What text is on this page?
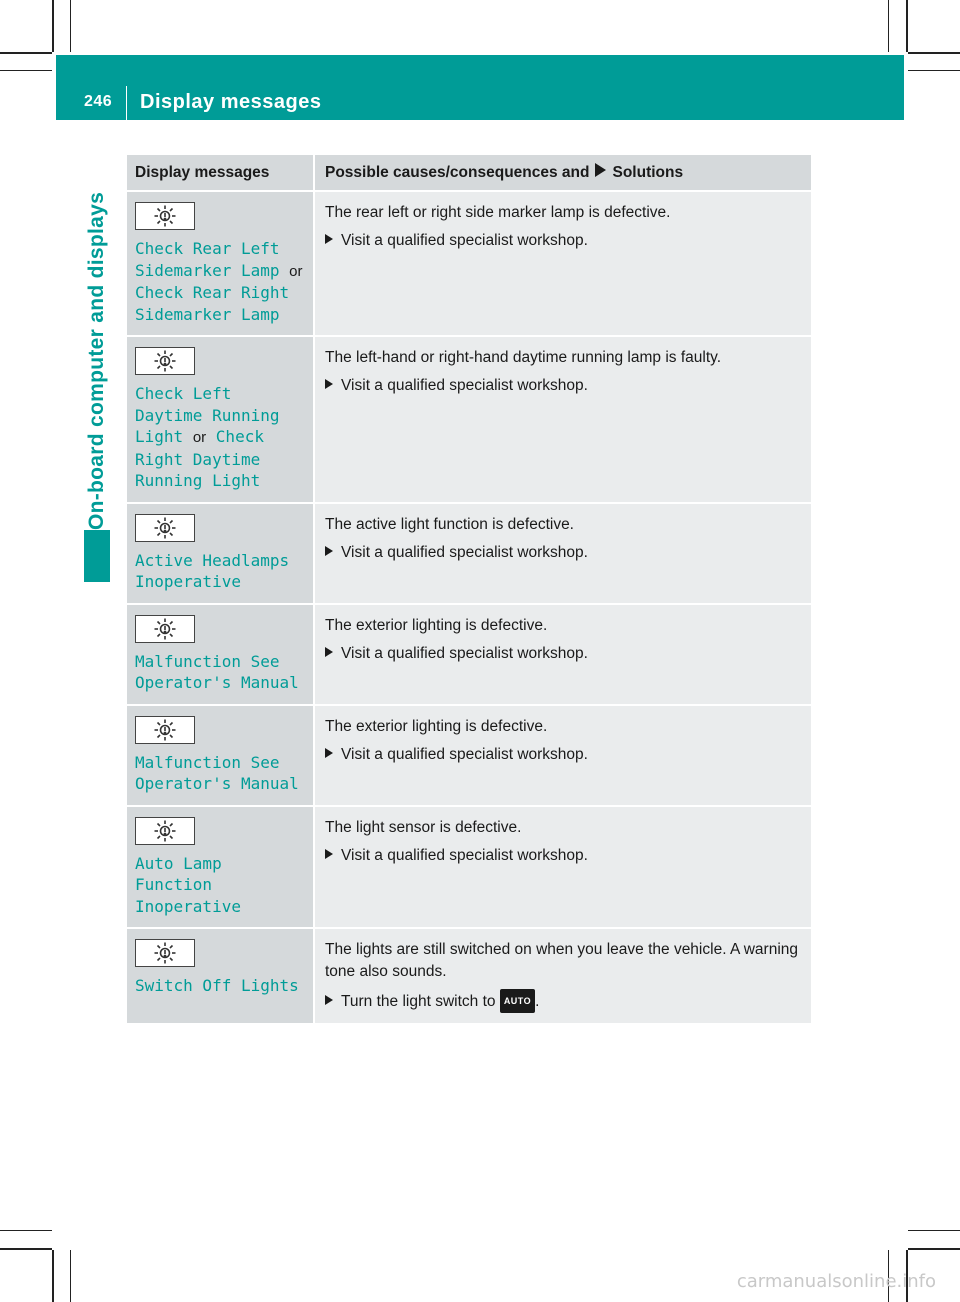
246 Display messages
On-board computer and displays
Display messages	Possible causes/consequences and Solutions

Check Rear Left Sidemarker Lamp or Check Rear Right Sidemarker Lamp	The rear left or right side marker lamp is defective.

Visit a qualified specialist workshop.

Check Left Daytime Running Light or Check Right Daytime Running Light	The left-hand or right-hand daytime running lamp is faulty.

Visit a qualified specialist workshop.

Active Headlamps Inoperative	The active light function is defective.

Visit a qualified specialist workshop.

Malfunction See Operator's Manual	The exterior lighting is defective.

Visit a qualified specialist workshop.

Malfunction See Operator's Manual	The exterior lighting is defective.

Visit a qualified specialist workshop.

Auto Lamp Function Inoperative	The light sensor is defective.

Visit a qualified specialist workshop.

Switch Off Lights	The lights are still switched on when you leave the vehicle. A warning tone also sounds.

Turn the light switch to AUTO .

carmanualsonline.info
